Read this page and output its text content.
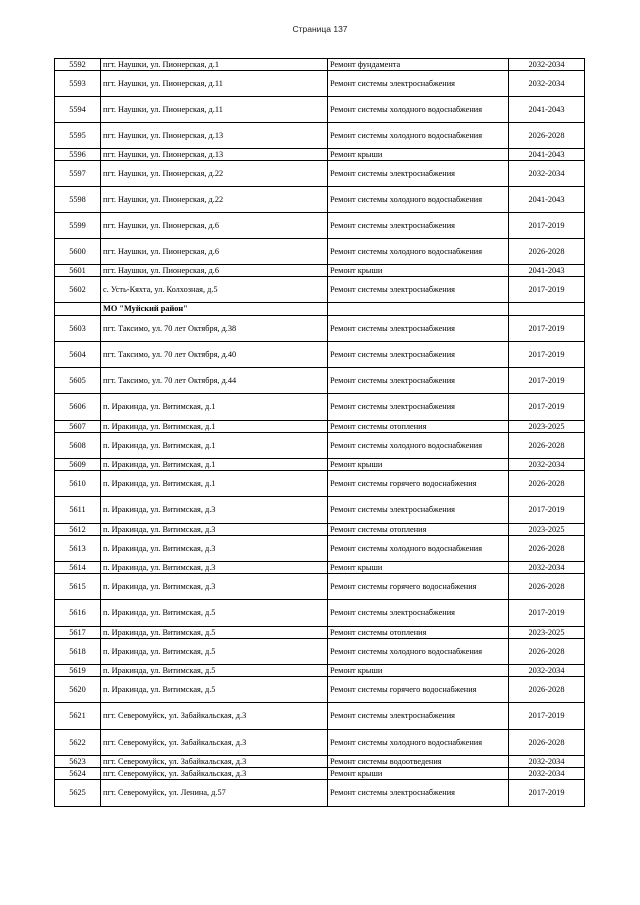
Страница 137
5592	пгт. Наушки, ул. Пионерская, д.1	Ремонт фундамента	2032-2034
5593	пгт. Наушки, ул. Пионерская, д.11	Ремонт системы электроснабжения	2032-2034
5594	пгт. Наушки, ул. Пионерская, д.11	Ремонт системы холодного водоснабжения	2041-2043
5595	пгт. Наушки, ул. Пионерская, д.13	Ремонт системы холодного водоснабжения	2026-2028
5596	пгт. Наушки, ул. Пионерская, д.13	Ремонт крыши	2041-2043
5597	пгт. Наушки, ул. Пионерская, д.22	Ремонт системы электроснабжения	2032-2034
5598	пгт. Наушки, ул. Пионерская, д.22	Ремонт системы холодного водоснабжения	2041-2043
5599	пгт. Наушки, ул. Пионерская, д.6	Ремонт системы электроснабжения	2017-2019
5600	пгт. Наушки, ул. Пионерская, д.6	Ремонт системы холодного водоснабжения	2026-2028
5601	пгт. Наушки, ул. Пионерская, д.6	Ремонт крыши	2041-2043
5602	с. Усть-Кяхта, ул. Колхозная, д.5	Ремонт системы электроснабжения	2017-2019
	МО "Муйский район"		
5603	пгт. Таксимо, ул. 70 лет Октября, д.38	Ремонт системы электроснабжения	2017-2019
5604	пгт. Таксимо, ул. 70 лет Октября, д.40	Ремонт системы электроснабжения	2017-2019
5605	пгт. Таксимо, ул. 70 лет Октября, д.44	Ремонт системы электроснабжения	2017-2019
5606	п. Иракинда, ул. Витимская, д.1	Ремонт системы электроснабжения	2017-2019
5607	п. Иракинда, ул. Витимская, д.1	Ремонт системы отопления	2023-2025
5608	п. Иракинда, ул. Витимская, д.1	Ремонт системы холодного водоснабжения	2026-2028
5609	п. Иракинда, ул. Витимская, д.1	Ремонт крыши	2032-2034
5610	п. Иракинда, ул. Витимская, д.1	Ремонт системы горячего водоснабжения	2026-2028
5611	п. Иракинда, ул. Витимская, д.3	Ремонт системы электроснабжения	2017-2019
5612	п. Иракинда, ул. Витимская, д.3	Ремонт системы отопления	2023-2025
5613	п. Иракинда, ул. Витимская, д.3	Ремонт системы холодного водоснабжения	2026-2028
5614	п. Иракинда, ул. Витимская, д.3	Ремонт крыши	2032-2034
5615	п. Иракинда, ул. Витимская, д.3	Ремонт системы горячего водоснабжения	2026-2028
5616	п. Иракинда, ул. Витимская, д.5	Ремонт системы электроснабжения	2017-2019
5617	п. Иракинда, ул. Витимская, д.5	Ремонт системы отопления	2023-2025
5618	п. Иракинда, ул. Витимская, д.5	Ремонт системы холодного водоснабжения	2026-2028
5619	п. Иракинда, ул. Витимская, д.5	Ремонт крыши	2032-2034
5620	п. Иракинда, ул. Витимская, д.5	Ремонт системы горячего водоснабжения	2026-2028
5621	пгт. Северомуйск, ул. Забайкальская, д.3	Ремонт системы электроснабжения	2017-2019
5622	пгт. Северомуйск, ул. Забайкальская, д.3	Ремонт системы холодного водоснабжения	2026-2028
5623	пгт. Северомуйск, ул. Забайкальская, д.3	Ремонт системы водоотведения	2032-2034
5624	пгт. Северомуйск, ул. Забайкальская, д.3	Ремонт крыши	2032-2034
5625	пгт. Северомуйск, ул. Ленина, д.57	Ремонт системы электроснабжения	2017-2019
